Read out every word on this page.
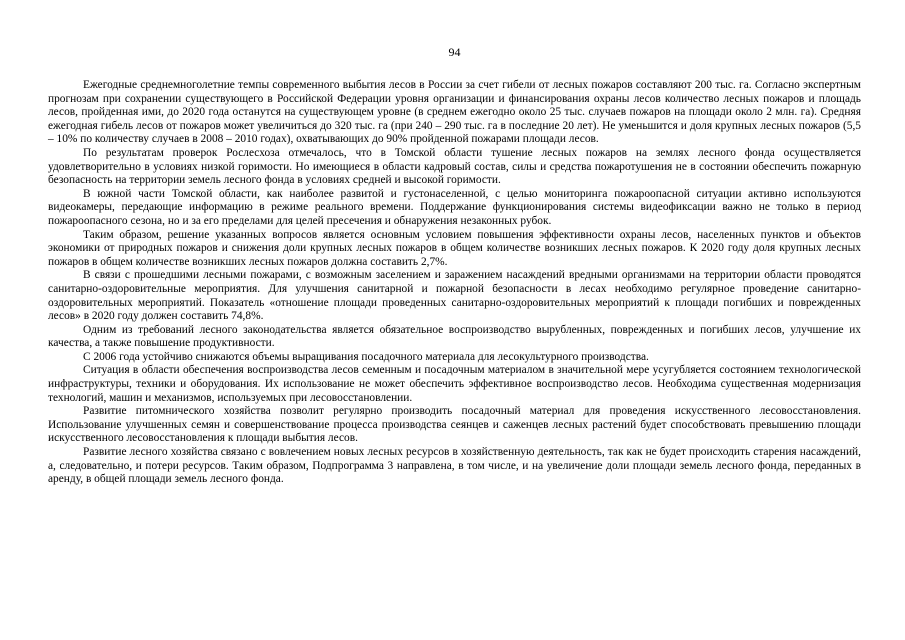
94

Ежегодные среднемноголетние темпы современного выбытия лесов в России за счет гибели от лесных пожаров составляют 200 тыс. га. Согласно экспертным прогнозам при сохранении существующего в Российской Федерации уровня организации и финансирования охраны лесов количество лесных пожаров и площадь лесов, пройденная ими, до 2020 года останутся на существующем уровне (в среднем ежегодно около 25 тыс. случаев пожаров на площади около 2 млн. га). Средняя ежегодная гибель лесов от пожаров может увеличиться до 320 тыс. га (при 240 – 290 тыс. га в последние 20 лет). Не уменьшится и доля крупных лесных пожаров (5,5 – 10% по количеству случаев в 2008 – 2010 годах), охватывающих до 90% пройденной пожарами площади лесов.

По результатам проверок Рослесхоза отмечалось, что в Томской области тушение лесных пожаров на землях лесного фонда осуществляется удовлетворительно в условиях низкой горимости. Но имеющиеся в области кадровый состав, силы и средства пожаротушения не в состоянии обеспечить пожарную безопасность на территории земель лесного фонда в условиях средней и высокой горимости.

В южной части Томской области, как наиболее развитой и густонаселенной, с целью мониторинга пожароопасной ситуации активно используются видеокамеры, передающие информацию в режиме реального времени. Поддержание функционирования системы видеофиксации важно не только в период пожароопасного сезона, но и за его пределами для целей пресечения и обнаружения незаконных рубок.

Таким образом, решение указанных вопросов является основным условием повышения эффективности охраны лесов, населенных пунктов и объектов экономики от природных пожаров и снижения доли крупных лесных пожаров в общем количестве возникших лесных пожаров. К 2020 году доля крупных лесных пожаров в общем количестве возникших лесных пожаров должна составить 2,7%.

В связи с прошедшими лесными пожарами, с возможным заселением и заражением насаждений вредными организмами на территории области проводятся санитарно-оздоровительные мероприятия. Для улучшения санитарной и пожарной безопасности в лесах необходимо регулярное проведение санитарно-оздоровительных мероприятий. Показатель «отношение площади проведенных санитарно-оздоровительных мероприятий к площади погибших и поврежденных лесов» в 2020 году должен составить 74,8%.

Одним из требований лесного законодательства является обязательное воспроизводство вырубленных, поврежденных и погибших лесов, улучшение их качества, а также повышение продуктивности.

С 2006 года устойчиво снижаются объемы выращивания посадочного материала для лесокультурного производства.

Ситуация в области обеспечения воспроизводства лесов семенным и посадочным материалом в значительной мере усугубляется состоянием технологической инфраструктуры, техники и оборудования. Их использование не может обеспечить эффективное воспроизводство лесов. Необходима существенная модернизация технологий, машин и механизмов, используемых при лесовосстановлении.

Развитие питомнического хозяйства позволит регулярно производить посадочный материал для проведения искусственного лесовосстановления. Использование улучшенных семян и совершенствование процесса производства сеянцев и саженцев лесных растений будет способствовать превышению площади искусственного лесовосстановления к площади выбытия лесов.

Развитие лесного хозяйства связано с вовлечением новых лесных ресурсов в хозяйственную деятельность, так как не будет происходить старения насаждений, а, следовательно, и потери ресурсов. Таким образом, Подпрограмма 3 направлена, в том числе, и на увеличение доли площади земель лесного фонда, переданных в аренду, в общей площади земель лесного фонда.
